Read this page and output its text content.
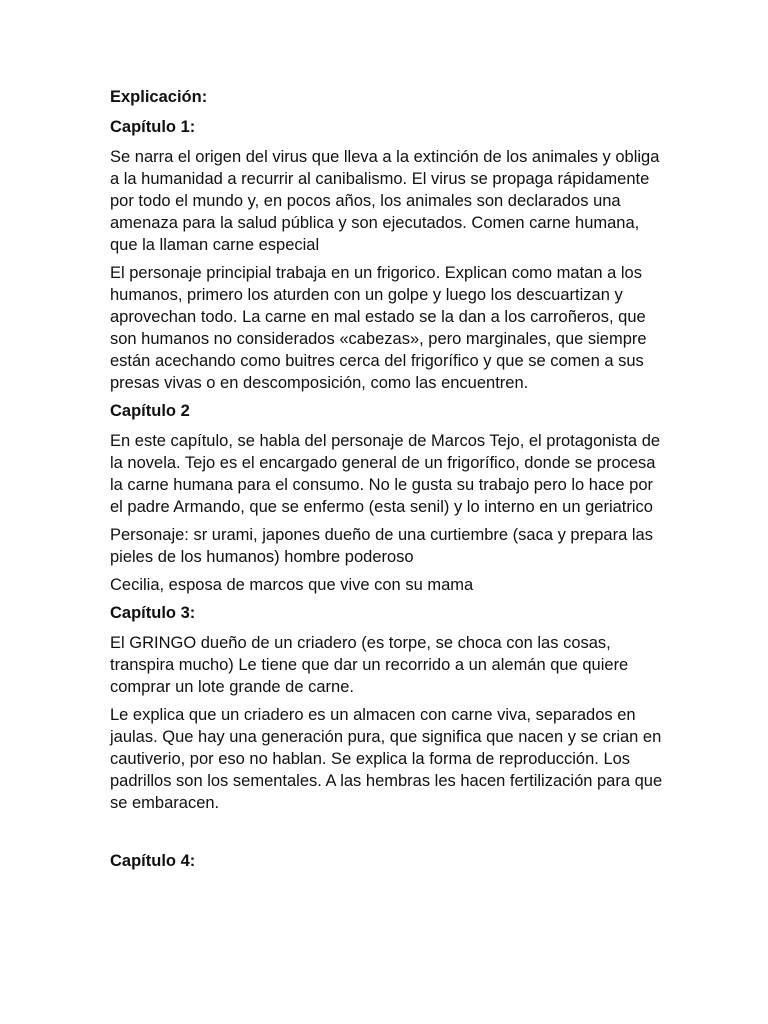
Explicación:
Capítulo 1:

Se narra el origen del virus que lleva a la extinción de los animales y obliga a la humanidad a recurrir al canibalismo. El virus se propaga rápidamente por todo el mundo y, en pocos años, los animales son declarados una amenaza para la salud pública y son ejecutados. Comen carne humana, que la llaman carne especial

El personaje principial trabaja en un frigorico. Explican como matan a los humanos, primero los aturden con un golpe y luego los descuartizan y aprovechan todo. La carne en mal estado se la dan a los carroñeros, que son humanos no considerados «cabezas», pero marginales, que siempre están acechando como buitres cerca del frigorífico y que se comen a sus presas vivas o en descomposición, como las encuentren.

Capítulo 2

En este capítulo, se habla del personaje de Marcos Tejo, el protagonista de la novela. Tejo es el encargado general de un frigorífico, donde se procesa la carne humana para el consumo. No le gusta su trabajo pero lo hace por el padre Armando, que se enfermo (esta senil) y lo interno en un geriatrico

Personaje: sr urami, japones dueño de una curtiembre (saca y prepara las pieles de los humanos) hombre poderoso

Cecilia, esposa de marcos que vive con su mama

Capítulo 3:

El GRINGO dueño de un criadero (es torpe, se choca con las cosas, transpira mucho) Le tiene que dar un recorrido a un alemán que quiere comprar un lote grande de carne.

Le explica que un criadero es un almacen con carne viva, separados en jaulas. Que hay una generación pura, que significa que nacen y se crian en cautiverio, por eso no hablan. Se explica la forma de reproducción. Los padrillos son los sementales. A las hembras les hacen fertilización para que se embaracen.

Capítulo 4:
